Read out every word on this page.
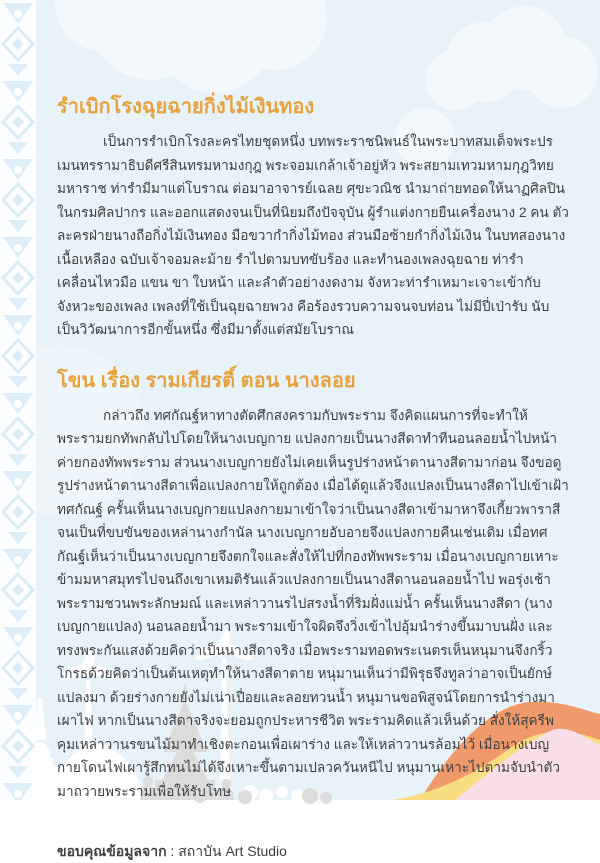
รำเบิกโรงฉุยฉายกิ่งไม้เงินทอง

เป็นการรำเบิกโรงละครไทยชุดหนึ่ง บทพระราชนิพนธ์ในพระบาทสมเด็จพระปรเมนทรรามาธิบดีศรีสินทรมหามงกุฎ พระจอมเกล้าเจ้าอยู่หัว พระสยามเทวมหามกุฎวิทยมหาราช ท่ารำมีมาแต่โบราณ ต่อมาอาจารย์เฉลย ศุขะวณิช นำมาถ่ายทอดให้นาฏศิลปินในกรมศิลปากร และออกแสดงจนเป็นที่นิยมถึงปัจจุบัน ผู้รำแต่งกายยืนเครื่องนาง 2 คน ตัวละครฝ่ายนางถือกิ่งไม้เงินทอง มือขวากำกิ่งไม้ทอง ส่วนมือซ้ายกำกิ่งไม้เงิน ในบทสองนางเนื้อเหลือง ฉบับเจ้าจอมละม้าย รำไปตามบทขับร้อง และทำนองเพลงฉุยฉาย ท่ารำเคลื่อนไหวมือ แขน ขา ใบหน้า และลำตัวอย่างงดงาม จังหวะท่ารำเหมาะเจาะเข้ากับจังหวะของเพลง เพลงที่ใช้เป็นฉุยฉายพวง คือร้องรวบความจนจบท่อน ไม่มีปี่เป่ารับ นับเป็นวิวัฒนาการอีกขั้นหนึ่ง ซึ่งมีมาตั้งแต่สมัยโบราณ

โขน เรื่อง รามเกียรติ์ ตอน นางลอย

กล่าวถึง ทศกัณฐ์หาทางตัดศึกสงครามกับพระราม จึงคิดแผนการที่จะทำให้พระรามยกทัพกลับไปโดยให้นางเบญกาย แปลงกายเป็นนางสีดาทำทีนอนลอยน้ำไปหน้าค่ายกองทัพพระราม ส่วนนางเบญกายยังไม่เคยเห็นรูปร่างหน้าตานางสีดามาก่อน จึงขอดูรูปร่างหน้าตานางสีดาเพื่อแปลงกายให้ถูกต้อง เมื่อได้ดูแล้วจึงแปลงเป็นนางสีดาไปเข้าเฝ้าทศกัณฐ์ ครั้นเห็นนางเบญกายแปลงกายมาเข้าใจว่าเป็นนางสีดาเข้ามาหาจึงเกี้ยวพาราสีจนเป็นที่ขบขันของเหล่านางกำนัล นางเบญกายอับอายจึงแปลงกายคืนเช่นเดิม เมื่อทศกัณฐ์เห็นว่าเป็นนางเบญกายจึงตกใจและสั่งให้ไปที่กองทัพพระราม เมื่อนางเบญกายเหาะข้ามมหาสมุทรไปจนถึงเขาเหมติรันแล้วแปลงกายเป็นนางสีดานอนลอยน้ำไป พอรุ่งเช้าพระรามชวนพระลักษมณ์ และเหล่าวานรไปสรงน้ำที่ริมฝั่งแม่น้ำ ครั้นเห็นนางสีดา (นางเบญกายแปลง) นอนลอยน้ำมา พระรามเข้าใจผิดจึงวิ่งเข้าไปอุ้มนำร่างขึ้นมาบนฝั่ง และทรงพระกันแสงด้วยคิดว่าเป็นนางสีดาจริง เมื่อพระรามทอดพระเนตรเห็นหนุมานจึงกริ้วโกรธด้วยคิดว่าเป็นต้นเหตุทำให้นางสีดาตาย หนุมานเห็นว่ามีพิรุธจึงทูลว่าอาจเป็นยักษ์แปลงมา ด้วยร่างกายยังไม่เน่าเปื่อยและลอยทวนน้ำ หนุมานขอพิสูจน์โดยการนำร่างมาเผาไฟ หากเป็นนางสีดาจริงจะยอมถูกประหารชีวิต พระรามคิดแล้วเห็นด้วย สั่งให้สุครีพคุมเหล่าวานรขนไม้มาทำเชิงตะกอนเพื่อเผาร่าง และให้เหล่าวานรล้อมไว้ เมื่อนางเบญกายโดนไฟเผารู้สึกทนไม่ได้จึงเหาะขึ้นตามเปลวควันหนีไป หนุมานเหาะไปตามจับนำตัวมาถวายพระรามเพื่อให้รับโทษ

ขอบคุณข้อมูลจาก : สถาบัน Art Studio
